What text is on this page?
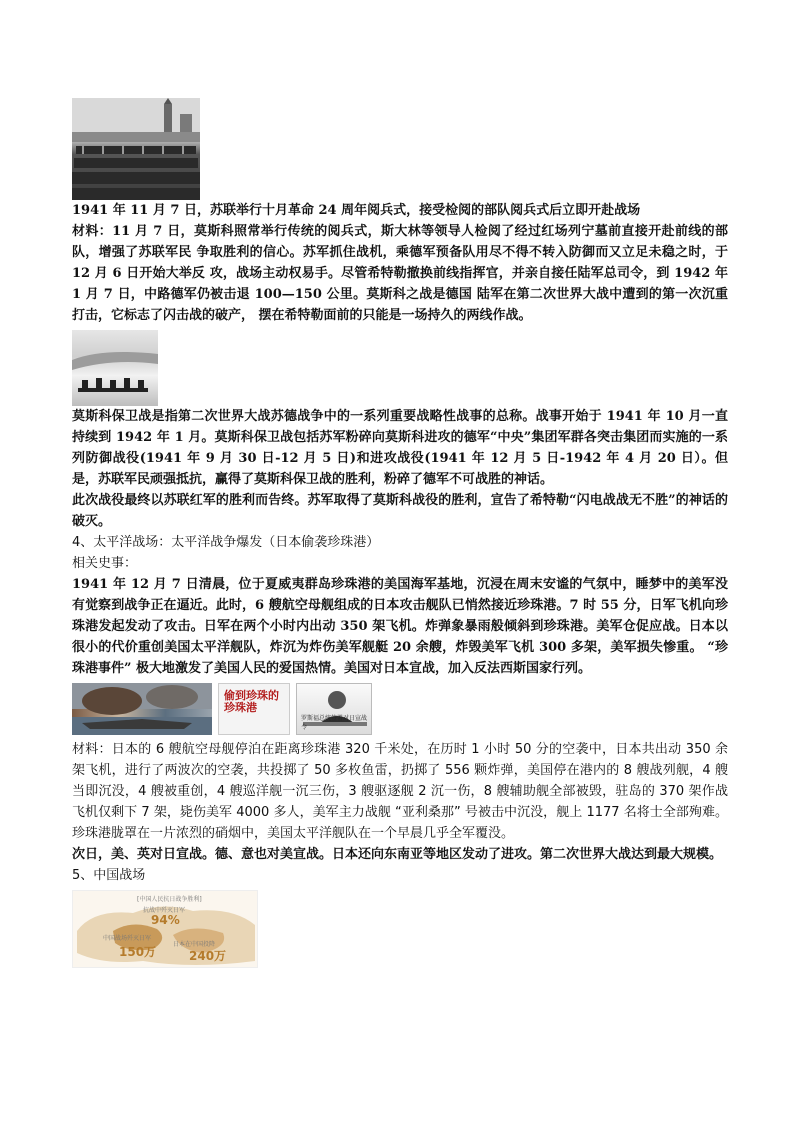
1941 年 11 月 7 日，苏联举行十月革命 24 周年阅兵式，接受检阅的部队阅兵式后立即开赴战场

材料：11 月 7 日，莫斯科照常举行传统的阅兵式，斯大林等领导人检阅了经过红场列宁墓前直接开赴前线的部队，增强了苏联军民 争取胜利的信心。苏军抓住战机，乘德军预备队用尽不得不转入防御而又立足未稳之时，于 12 月 6 日开始大举反 攻，战场主动权易手。尽管希特勒撤换前线指挥官，并亲自接任陆军总司令，到 1942 年 1 月 7 日，中路德军仍被击退 100—150 公里。莫斯科之战是德国 陆军在第二次世界大战中遭到的第一次沉重打击，它标志了闪击战的破产， 摆在希特勒面前的只能是一场持久的两线作战。

莫斯科保卫战是指第二次世界大战苏德战争中的一系列重要战略性战事的总称。战事开始于 1941 年 10 月一直持续到 1942 年 1 月。莫斯科保卫战包括苏军粉碎向莫斯科进攻的德军“中央”集团军群各突击集团而实施的一系列防御战役(1941 年 9 月 30 日-12 月 5 日)和进攻战役(1941 年 12 月 5 日-1942 年 4 月 20 日）。但是，苏联军民顽强抵抗，赢得了莫斯科保卫战的胜利，粉碎了德军不可战胜的神话。

此次战役最终以苏联红军的胜利而告终。苏军取得了莫斯科战役的胜利，宣告了希特勒“闪电战战无不胜”的神话的破灭。

4、太平洋战场：太平洋战争爆发（日本偷袭珍珠港）

相关史事：

1941 年 12 月 7 日清晨，位于夏威夷群岛珍珠港的美国海军基地，沉浸在周末安谧的气氛中，睡梦中的美军没有觉察到战争正在逼近。此时，6 艘航空母舰组成的日本攻击舰队已悄然接近珍珠港。7 时 55 分，日军飞机向珍珠港发起发动了攻击。日军在两个小时内出动 350 架飞机。炸弹象暴雨般倾斜到珍珠港。美军仓促应战。日本以很小的代价重创美国太平洋舰队，炸沉为炸伤美军舰艇 20 余艘，炸毁美军飞机 300 多架，美军损失惨重。 “珍珠港事件” 极大地激发了美国人民的爱国热情。美国对日本宣战，加入反法西斯国家行列。

偷到珍珠的珍珠港
罗斯福总统签署对日宣战令

材料：日本的 6 艘航空母舰停泊在距离珍珠港 320 千米处，在历时 1 小时 50 分的空袭中，日本共出动 350 余架飞机，进行了两波次的空袭，共投掷了 50 多枚鱼雷，扔掷了 556 颗炸弹，美国停在港内的 8 艘战列舰，4 艘当即沉没，4 艘被重创，4 艘巡洋舰一沉三伤，3 艘驱逐舰 2 沉一伤，8 艘辅助舰全部被毁，驻岛的 370 架作战飞机仅剩下 7 架，毙伤美军 4000 多人，美军主力战舰 “亚利桑那” 号被击中沉没，舰上 1177 名将士全部殉难。珍珠港胧罩在一片浓烈的硝烟中，美国太平洋舰队在一个早晨几乎全军覆没。

次日，美、英对日宣战。德、意也对美宣战。日本还向东南亚等地区发动了进攻。第二次世界大战达到最大规模。

5、中国战场

[中国人民抗日战争胜利]
抗战中歼灭日军
94%
中国战场歼灭日军
150万
日本在中国投降
240万
